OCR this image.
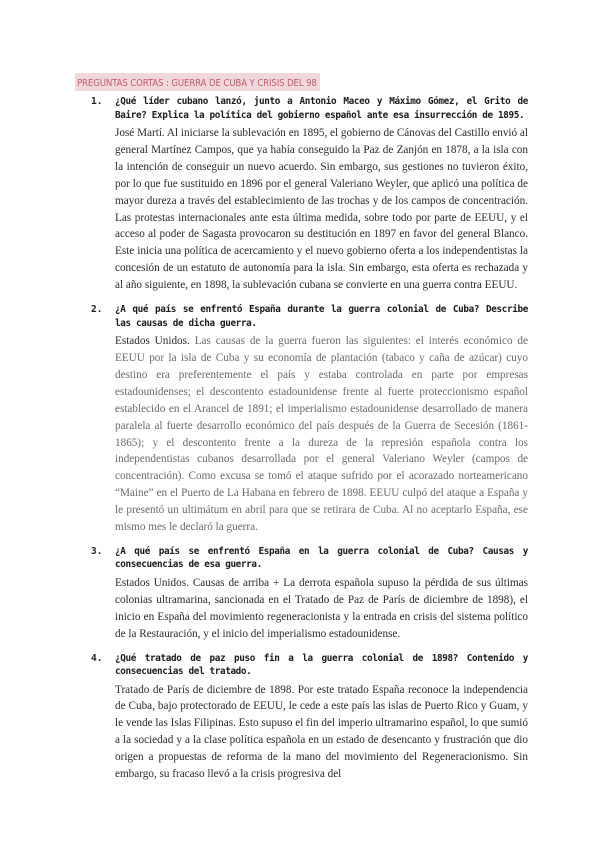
PREGUNTAS CORTAS : GUERRA DE CUBA Y CRISIS DEL 98
1.	¿Qué líder cubano lanzó, junto a Antonio Maceo y Máximo Gómez, el Grito de Baire? Explica la política del gobierno español ante esa insurrección de 1895.
José Martí. Al iniciarse la sublevación en 1895, el gobierno de Cánovas del Castillo envió al general Martínez Campos, que ya había conseguido la Paz de Zanjón en 1878, a la isla con la intención de conseguir un nuevo acuerdo. Sin embargo, sus gestiones no tuvieron éxito, por lo que fue sustituido en 1896 por el general Valeriano Weyler, que aplicó una política de mayor dureza a través del establecimiento de las trochas y de los campos de concentración. Las protestas internacionales ante esta última medida, sobre todo por parte de EEUU, y el acceso al poder de Sagasta provocaron su destitución en 1897 en favor del general Blanco. Este inicia una política de acercamiento y el nuevo gobierno oferta a los independentistas la concesión de un estatuto de autonomía para la isla. Sin embargo, esta oferta es rechazada y al año siguiente, en 1898, la sublevación cubana se convierte en una guerra contra EEUU.
2.	¿A qué país se enfrentó España durante la guerra colonial de Cuba? Describe las causas de dicha guerra.
Estados Unidos. Las causas de la guerra fueron las siguientes: el interés económico de EEUU por la isla de Cuba y su economía de plantación (tabaco y caña de azúcar) cuyo destino era preferentemente el país y estaba controlada en parte por empresas estadounidenses; el descontento estadounidense frente al fuerte proteccionismo español establecido en el Arancel de 1891; el imperialismo estadounidense desarrollado de manera paralela al fuerte desarrollo económico del país después de la Guerra de Secesión (1861-1865); y el descontento frente a la dureza de la represión española contra los independentistas cubanos desarrollada por el general Valeriano Weyler (campos de concentración). Como excusa se tomó el ataque sufrido por el acorazado norteamericano “Maine” en el Puerto de La Habana en febrero de 1898. EEUU culpó del ataque a España y le presentó un ultimátum en abril para que se retirara de Cuba. Al no aceptarlo España, ese mismo mes le declaró la guerra.
3.	¿A qué país se enfrentó España en la guerra colonial de Cuba? Causas y consecuencias de esa guerra.
Estados Unidos. Causas de arriba + La derrota española supuso la pérdida de sus últimas colonias ultramarina, sancionada en el Tratado de Paz de París de diciembre de 1898), el inicio en España del movimiento regeneracionista y la entrada en crisis del sistema político de la Restauración, y el inicio del imperialismo estadounidense.
4.	¿Qué tratado de paz puso fin a la guerra colonial de 1898? Contenido y consecuencias del tratado.
Tratado de París de diciembre de 1898. Por este tratado España reconoce la independencia de Cuba, bajo protectorado de EEUU, le cede a este país las islas de Puerto Rico y Guam, y le vende las Islas Filipinas. Esto supuso el fin del imperio ultramarino español, lo que sumió a la sociedad y a la clase política española en un estado de desencanto y frustración que dio origen a propuestas de reforma de la mano del movimiento del Regeneracionismo. Sin embargo, su fracaso llevó a la crisis progresiva del
